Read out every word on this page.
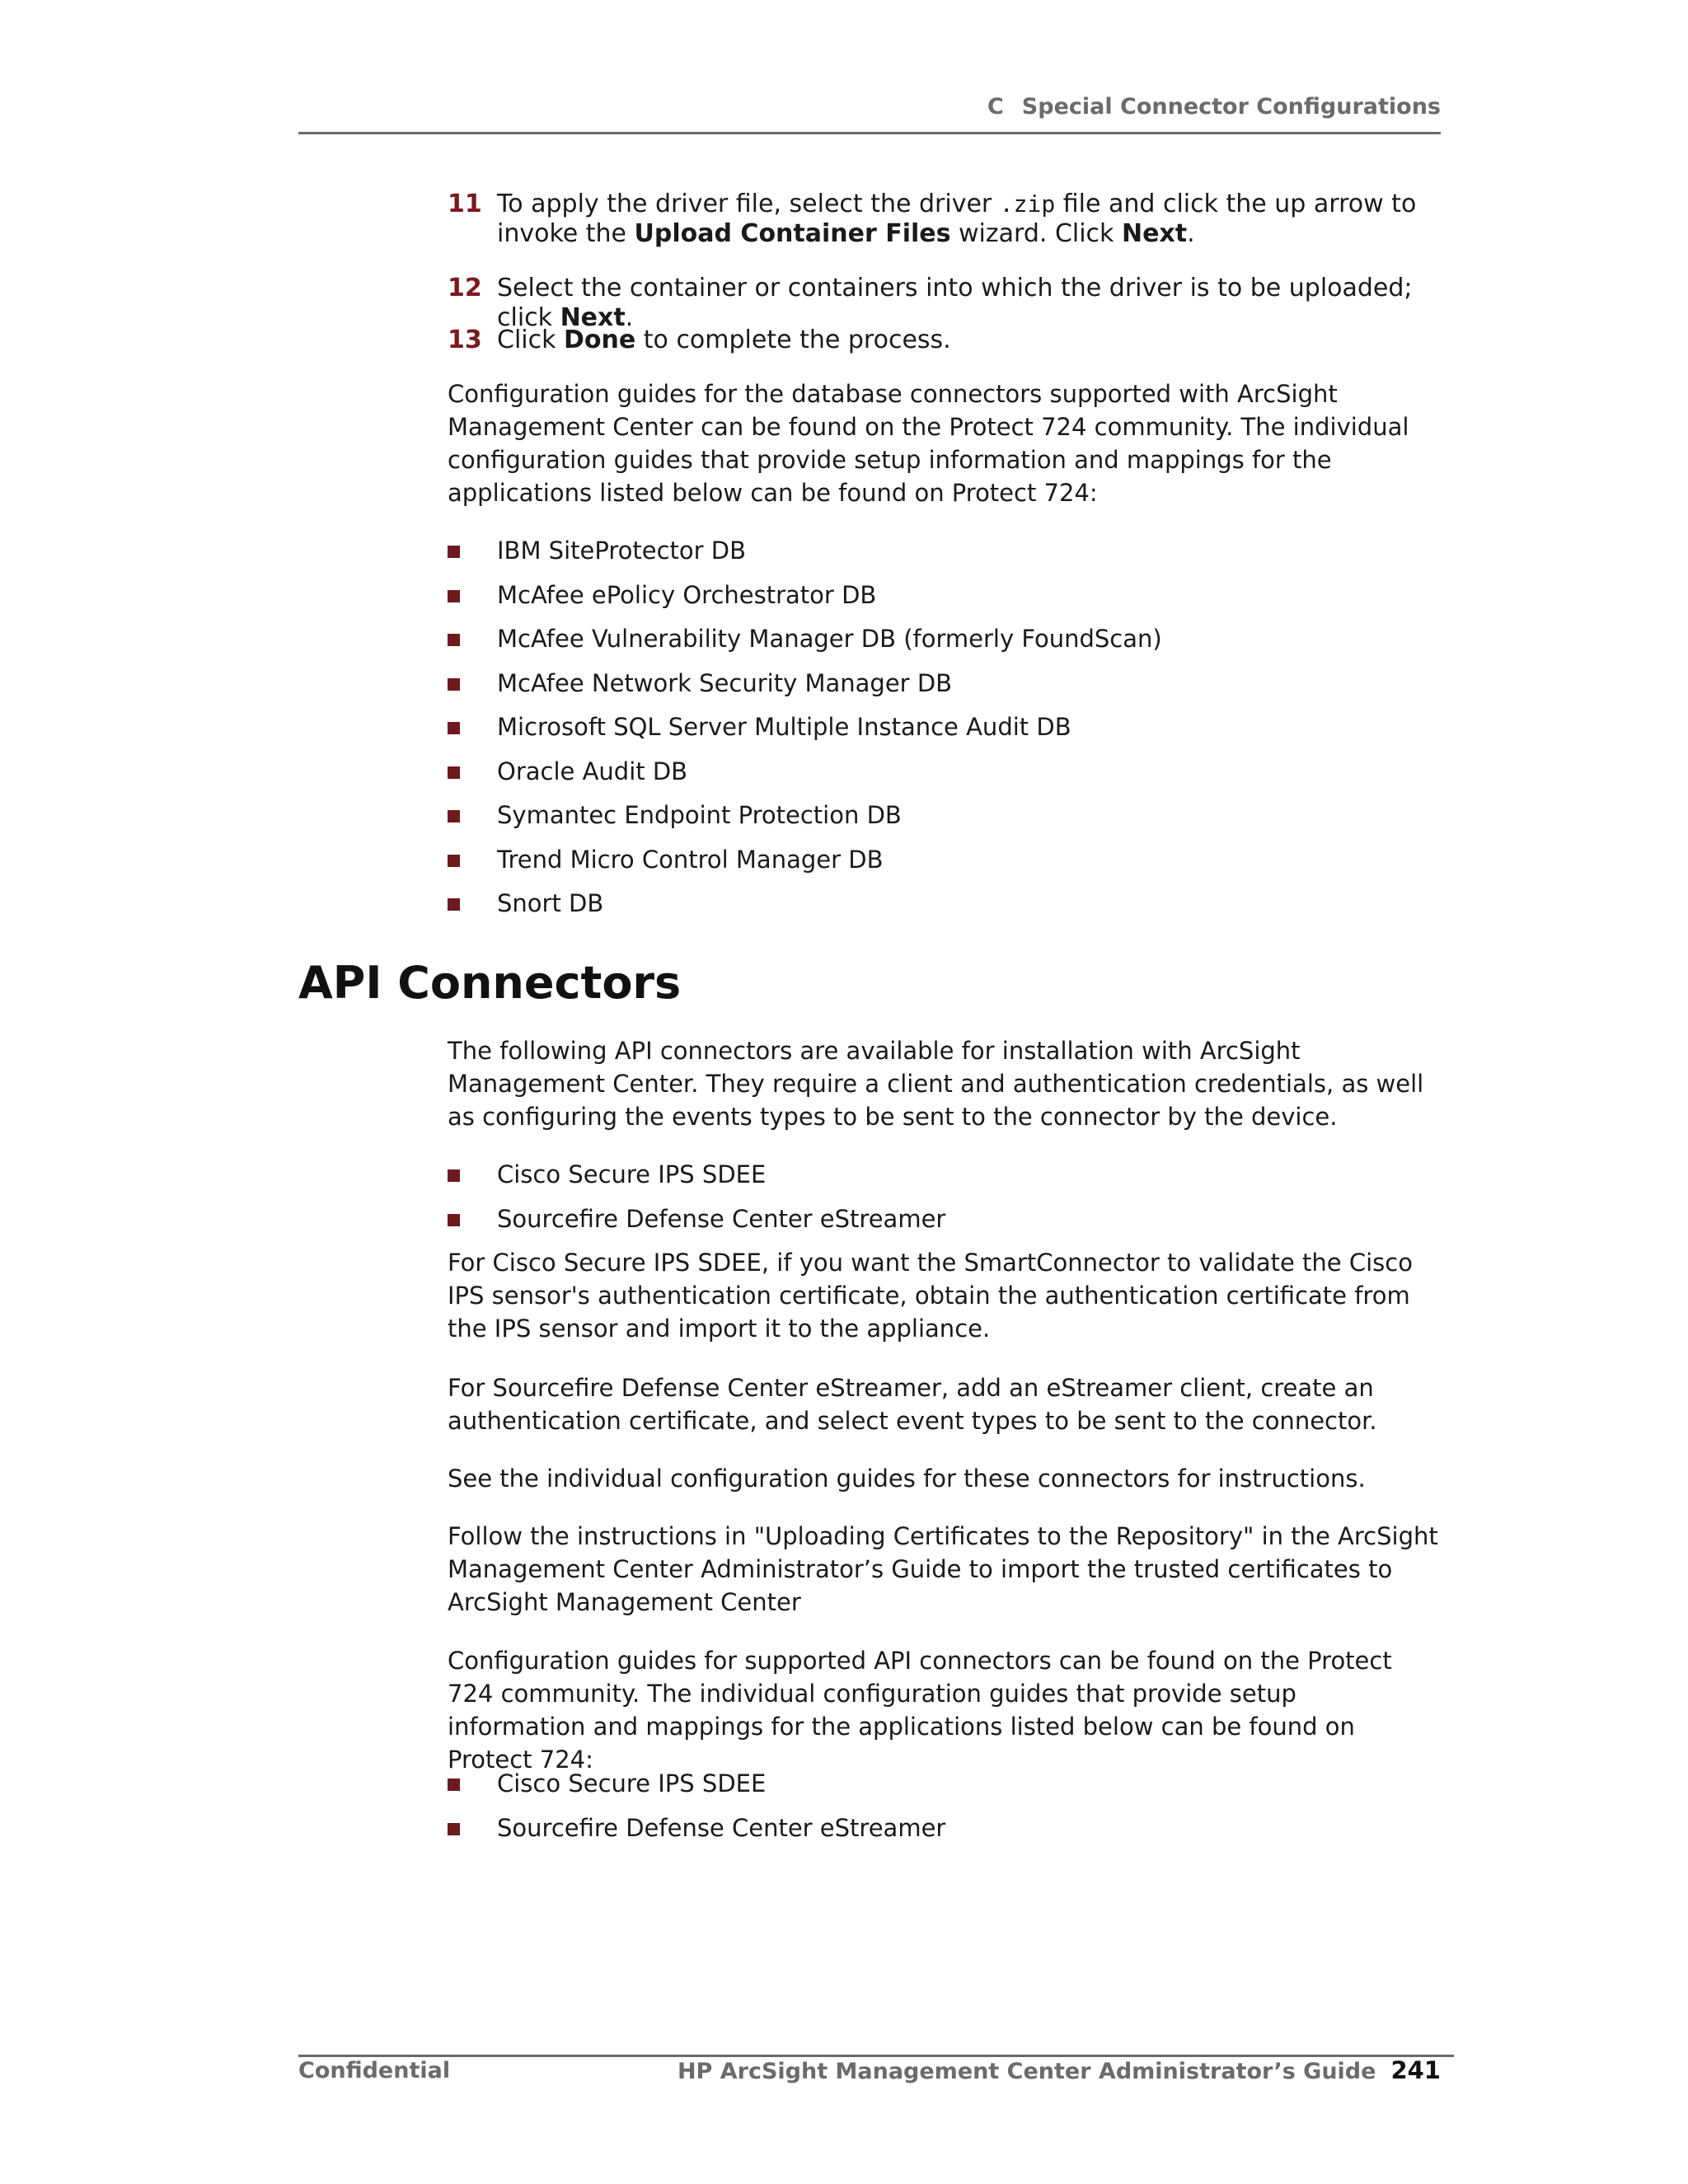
C Special Connector Configurations
11 To apply the driver file, select the driver .zip file and click the up arrow to invoke the Upload Container Files wizard. Click Next.
12 Select the container or containers into which the driver is to be uploaded; click Next.
13 Click Done to complete the process.
Configuration guides for the database connectors supported with ArcSight Management Center can be found on the Protect 724 community. The individual configuration guides that provide setup information and mappings for the applications listed below can be found on Protect 724:
IBM SiteProtector DB
McAfee ePolicy Orchestrator DB
McAfee Vulnerability Manager DB (formerly FoundScan)
McAfee Network Security Manager DB
Microsoft SQL Server Multiple Instance Audit DB
Oracle Audit DB
Symantec Endpoint Protection DB
Trend Micro Control Manager DB
Snort DB
API Connectors
The following API connectors are available for installation with ArcSight Management Center. They require a client and authentication credentials, as well as configuring the events types to be sent to the connector by the device.
Cisco Secure IPS SDEE
Sourcefire Defense Center eStreamer
For Cisco Secure IPS SDEE, if you want the SmartConnector to validate the Cisco IPS sensor's authentication certificate, obtain the authentication certificate from the IPS sensor and import it to the appliance.
For Sourcefire Defense Center eStreamer, add an eStreamer client, create an authentication certificate, and select event types to be sent to the connector.
See the individual configuration guides for these connectors for instructions.
Follow the instructions in "Uploading Certificates to the Repository" in the ArcSight Management Center Administrator’s Guide to import the trusted certificates to ArcSight Management Center
Configuration guides for supported API connectors can be found on the Protect 724 community. The individual configuration guides that provide setup information and mappings for the applications listed below can be found on Protect 724:
Cisco Secure IPS SDEE
Sourcefire Defense Center eStreamer
Confidential	HP ArcSight Management Center Administrator’s Guide 241
